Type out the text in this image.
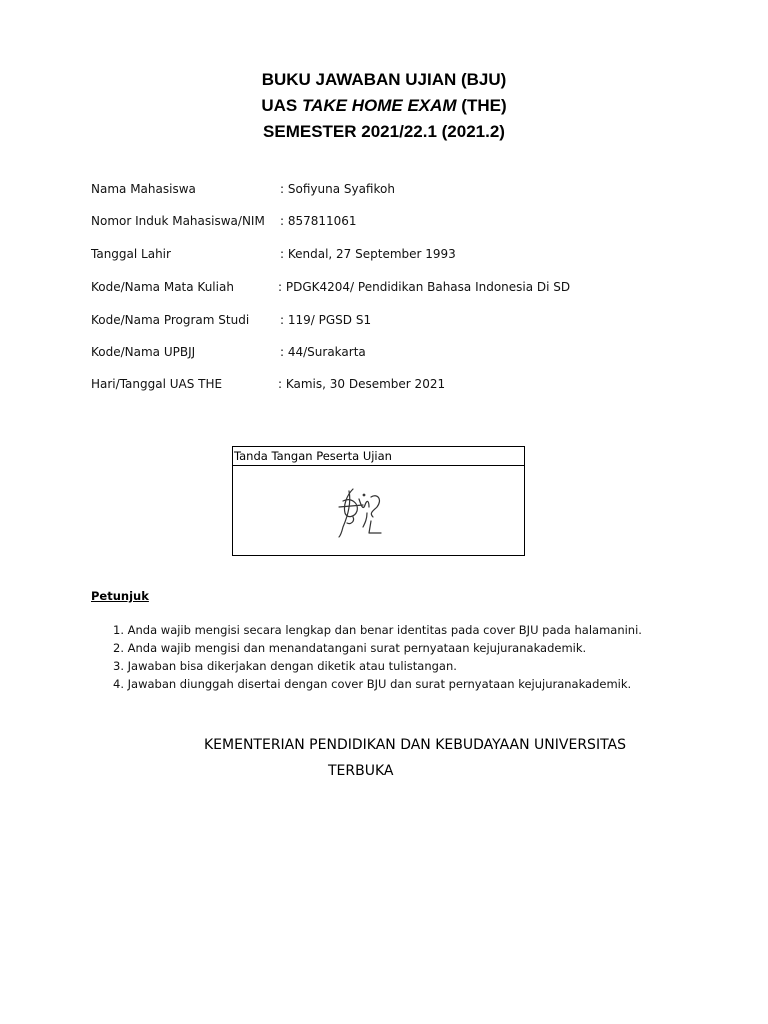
BUKU JAWABAN UJIAN (BJU)
UAS TAKE HOME EXAM (THE)
SEMESTER 2021/22.1 (2021.2)
Nama Mahasiswa	: Sofiyuna Syafikoh
Nomor Induk Mahasiswa/NIM : 857811061
Tanggal Lahir	: Kendal, 27 September 1993
Kode/Nama Mata Kuliah	: PDGK4204/ Pendidikan Bahasa Indonesia Di SD
Kode/Nama Program Studi	: 119/ PGSD S1
Kode/Nama UPBJJ	: 44/Surakarta
Hari/Tanggal UAS THE	: Kamis, 30 Desember 2021
Tanda Tangan Peserta Ujian
Petunjuk
1. Anda wajib mengisi secara lengkap dan benar identitas pada cover BJU pada halamanini.
2. Anda wajib mengisi dan menandatangani surat pernyataan kejujuranakademik.
3. Jawaban bisa dikerjakan dengan diketik atau tulistangan.
4. Jawaban diunggah disertai dengan cover BJU dan surat pernyataan kejujuranakademik.
KEMENTERIAN PENDIDIKAN DAN KEBUDAYAAN UNIVERSITAS
TERBUKA
